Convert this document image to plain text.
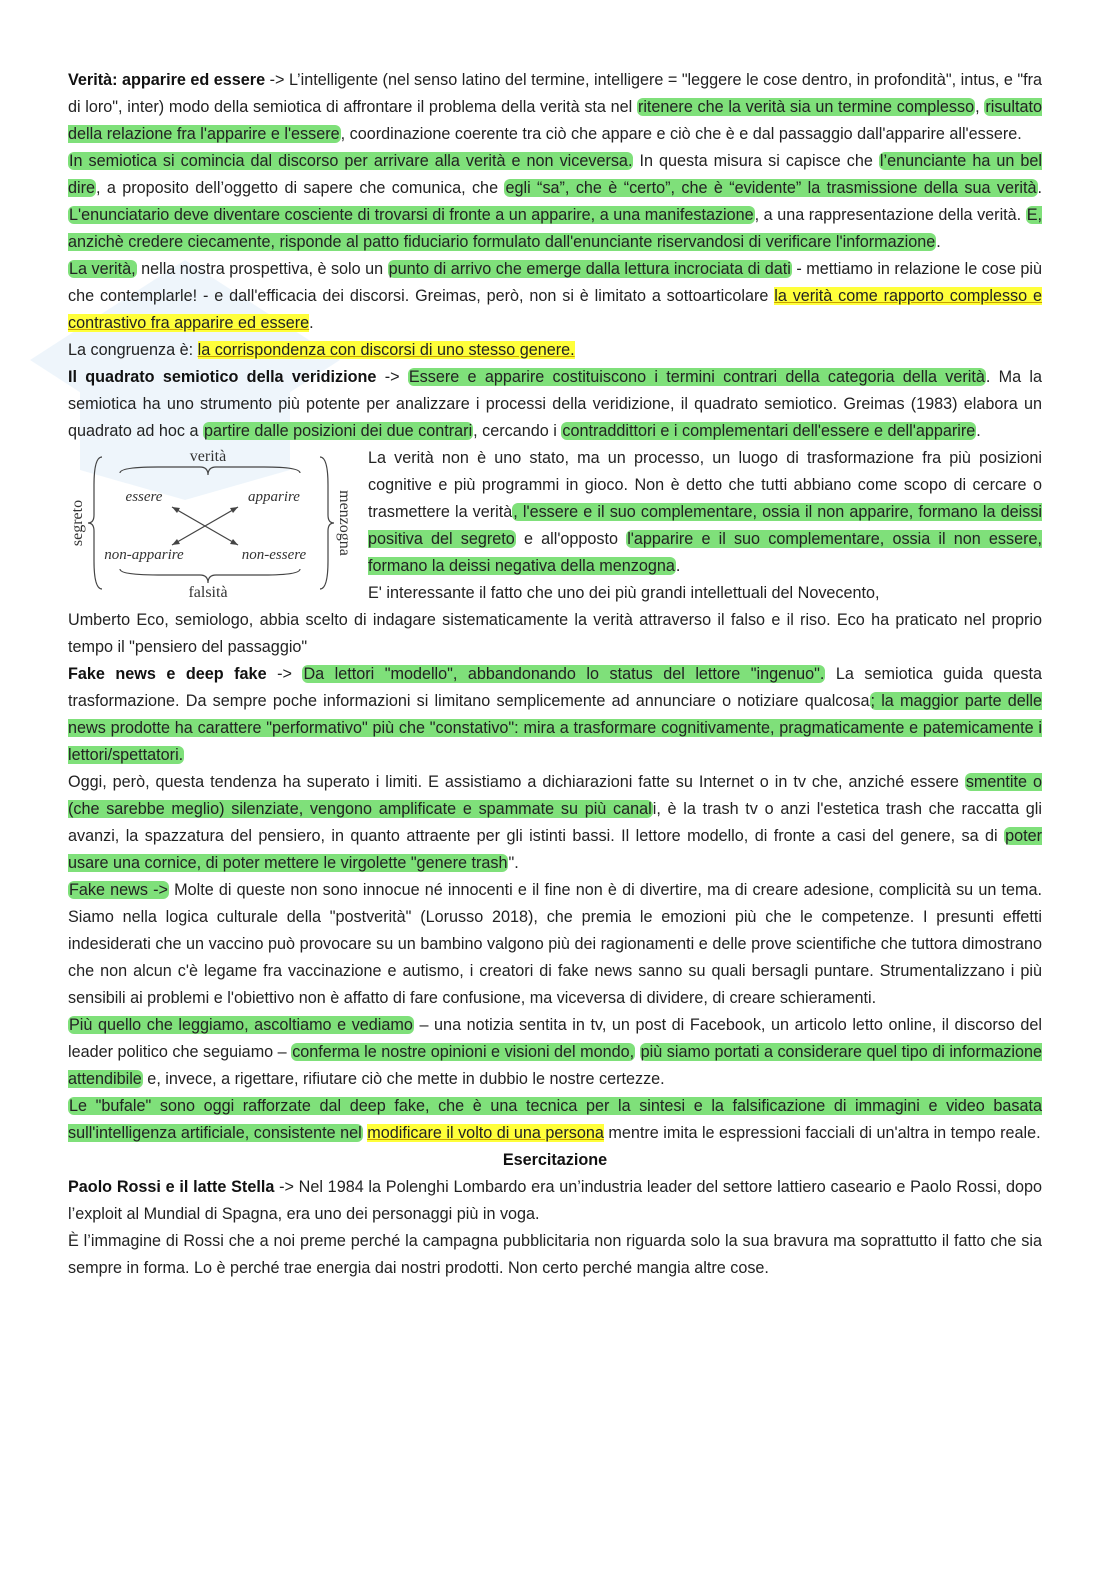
Verità: apparire ed essere -> L’intelligente (nel senso latino del termine, intelligere = "leggere le cose dentro, in profondità", intus, e "fra di loro", inter) modo della semiotica di affrontare il problema della verità sta nel ritenere che la verità sia un termine complesso, risultato della relazione fra l'apparire e l'essere, coordinazione coerente tra ciò che appare e ciò che è e dal passaggio dall'apparire all'essere.

In semiotica si comincia dal discorso per arrivare alla verità e non viceversa. In questa misura si capisce che l’enunciante ha un bel dire, a proposito dell’oggetto di sapere che comunica, che egli “sa”, che è “certo”, che è “evidente” la trasmissione della sua verità. L'enunciatario deve diventare cosciente di trovarsi di fronte a un apparire, a una manifestazione, a una rappresentazione della verità. E, anzichè credere ciecamente, risponde al patto fiduciario formulato dall'enunciante riservandosi di verificare l'informazione.

La verità, nella nostra prospettiva, è solo un punto di arrivo che emerge dalla lettura incrociata di dati - mettiamo in relazione le cose più che contemplarle! - e dall'efficacia dei discorsi. Greimas, però, non si è limitato a sottoarticolare la verità come rapporto complesso e contrastivo fra apparire ed essere.

La congruenza è: la corrispondenza con discorsi di uno stesso genere.

Il quadrato semiotico della veridizione -> Essere e apparire costituiscono i termini contrari della categoria della verità. Ma la semiotica ha uno strumento più potente per analizzare i processi della veridizione, il quadrato semiotico. Greimas (1983) elabora un quadrato ad hoc a partire dalle posizioni dei due contrari, cercando i contraddittori e i complementari dell'essere e dell'apparire.

verità
essere	apparire
non-apparire	non-essere
falsità
segreto	menzogna

La verità non è uno stato, ma un processo, un luogo di trasformazione fra più posizioni cognitive e più programmi in gioco. Non è detto che tutti abbiano come scopo di cercare o trasmettere la verità, l'essere e il suo complementare, ossia il non apparire, formano la deissi positiva del segreto e all'opposto l'apparire e il suo complementare, ossia il non essere, formano la deissi negativa della menzogna.

E' interessante il fatto che uno dei più grandi intellettuali del Novecento,

Umberto Eco, semiologo, abbia scelto di indagare sistematicamente la verità attraverso il falso e il riso. Eco ha praticato nel proprio tempo il "pensiero del passaggio"

Fake news e deep fake -> Da lettori "modello", abbandonando lo status del lettore "ingenuo". La semiotica guida questa trasformazione. Da sempre poche informazioni si limitano semplicemente ad annunciare o notiziare qualcosa; la maggior parte delle news prodotte ha carattere "performativo" più che "constativo": mira a trasformare cognitivamente, pragmaticamente e patemicamente i lettori/spettatori.

Oggi, però, questa tendenza ha superato i limiti. E assistiamo a dichiarazioni fatte su Internet o in tv che, anziché essere smentite o (che sarebbe meglio) silenziate, vengono amplificate e spammate su più canali, è la trash tv o anzi l'estetica trash che raccatta gli avanzi, la spazzatura del pensiero, in quanto attraente per gli istinti bassi. Il lettore modello, di fronte a casi del genere, sa di poter usare una cornice, di poter mettere le virgolette "genere trash".

Fake news -> Molte di queste non sono innocue né innocenti e il fine non è di divertire, ma di creare adesione, complicità su un tema. Siamo nella logica culturale della "postverità" (Lorusso 2018), che premia le emozioni più che le competenze. I presunti effetti indesiderati che un vaccino può provocare su un bambino valgono più dei ragionamenti e delle prove scientifiche che tuttora dimostrano che non alcun c'è legame fra vaccinazione e autismo, i creatori di fake news sanno su quali bersagli puntare. Strumentalizzano i più sensibili ai problemi e l'obiettivo non è affatto di fare confusione, ma viceversa di dividere, di creare schieramenti.

Più quello che leggiamo, ascoltiamo e vediamo – una notizia sentita in tv, un post di Facebook, un articolo letto online, il discorso del leader politico che seguiamo – conferma le nostre opinioni e visioni del mondo, più siamo portati a considerare quel tipo di informazione attendibile e, invece, a rigettare, rifiutare ciò che mette in dubbio le nostre certezze.

Le "bufale" sono oggi rafforzate dal deep fake, che è una tecnica per la sintesi e la falsificazione di immagini e video basata sull'intelligenza artificiale, consistente nel modificare il volto di una persona mentre imita le espressioni facciali di un'altra in tempo reale.

Esercitazione

Paolo Rossi e il latte Stella -> Nel 1984 la Polenghi Lombardo era un’industria leader del settore lattiero caseario e Paolo Rossi, dopo l’exploit al Mundial di Spagna, era uno dei personaggi più in voga.

È l’immagine di Rossi che a noi preme perché la campagna pubblicitaria non riguarda solo la sua bravura ma soprattutto il fatto che sia sempre in forma. Lo è perché trae energia dai nostri prodotti. Non certo perché mangia altre cose.
